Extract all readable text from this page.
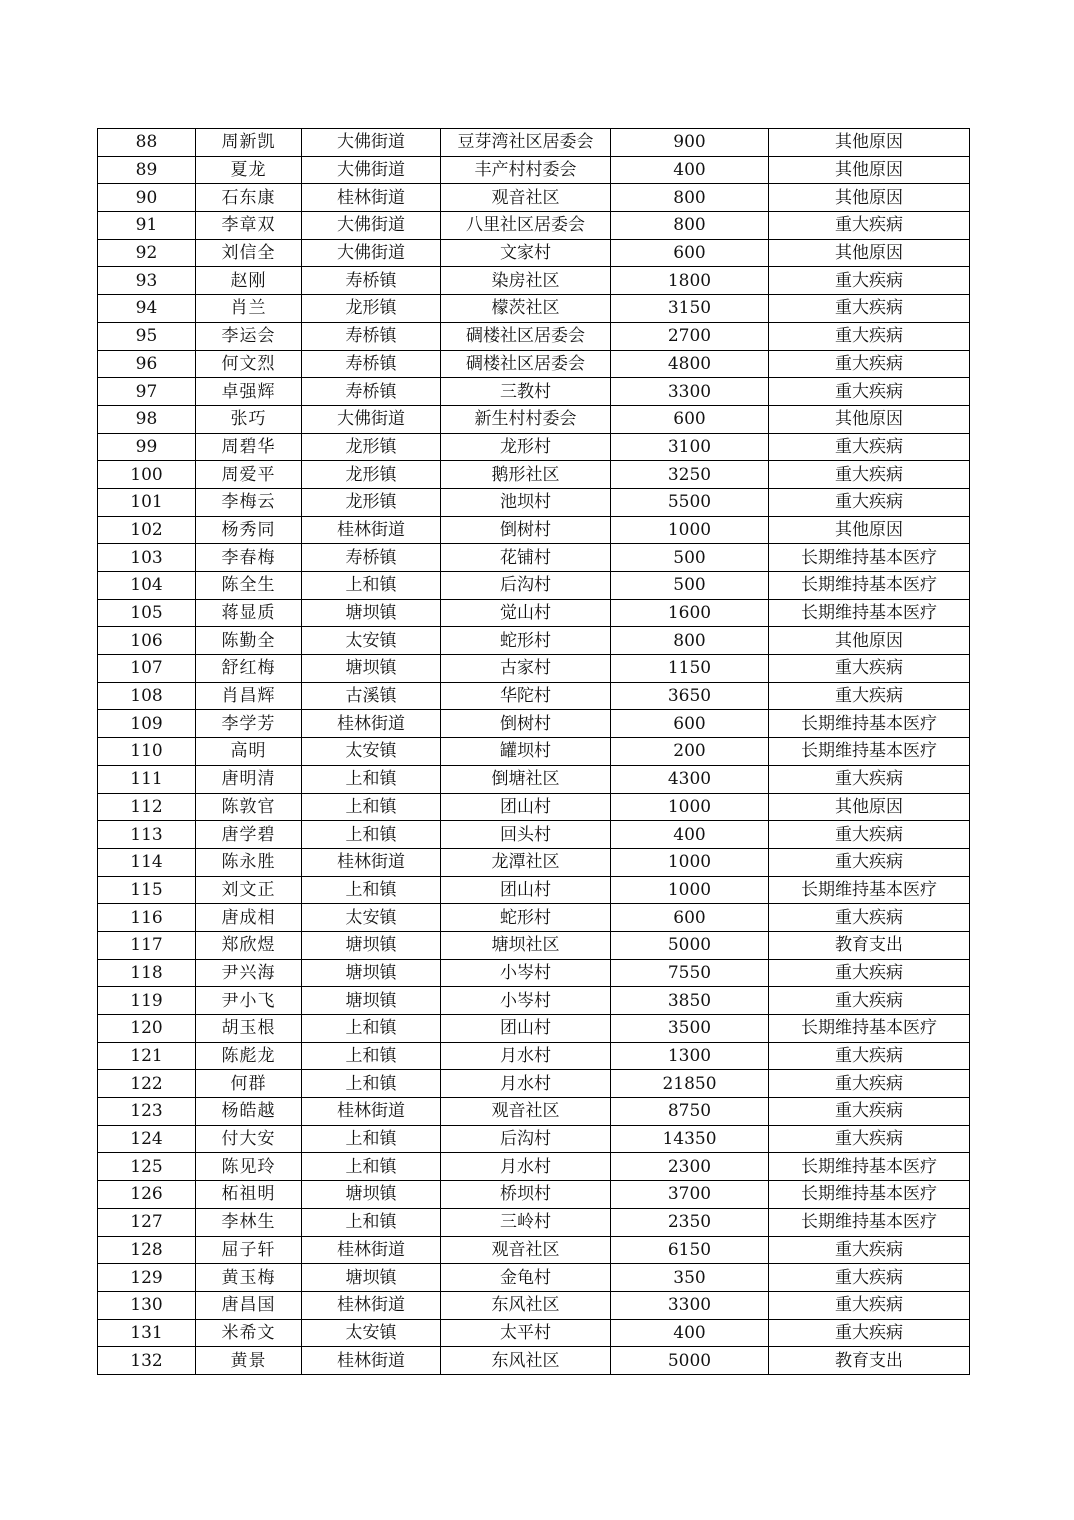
88	周新凯	大佛街道	豆芽湾社区居委会	900	其他原因
89	夏龙	大佛街道	丰产村村委会	400	其他原因
90	石东康	桂林街道	观音社区	800	其他原因
91	李章双	大佛街道	八里社区居委会	800	重大疾病
92	刘信全	大佛街道	文家村	600	其他原因
93	赵刚	寿桥镇	染房社区	1800	重大疾病
94	肖兰	龙形镇	檬茨社区	3150	重大疾病
95	李运会	寿桥镇	碉楼社区居委会	2700	重大疾病
96	何文烈	寿桥镇	碉楼社区居委会	4800	重大疾病
97	卓强辉	寿桥镇	三教村	3300	重大疾病
98	张巧	大佛街道	新生村村委会	600	其他原因
99	周碧华	龙形镇	龙形村	3100	重大疾病
100	周爱平	龙形镇	鹅形社区	3250	重大疾病
101	李梅云	龙形镇	池坝村	5500	重大疾病
102	杨秀同	桂林街道	倒树村	1000	其他原因
103	李春梅	寿桥镇	花铺村	500	长期维持基本医疗
104	陈全生	上和镇	后沟村	500	长期维持基本医疗
105	蒋显质	塘坝镇	觉山村	1600	长期维持基本医疗
106	陈勤全	太安镇	蛇形村	800	其他原因
107	舒红梅	塘坝镇	古家村	1150	重大疾病
108	肖昌辉	古溪镇	华陀村	3650	重大疾病
109	李学芳	桂林街道	倒树村	600	长期维持基本医疗
110	高明	太安镇	罐坝村	200	长期维持基本医疗
111	唐明清	上和镇	倒塘社区	4300	重大疾病
112	陈敦官	上和镇	团山村	1000	其他原因
113	唐学碧	上和镇	回头村	400	重大疾病
114	陈永胜	桂林街道	龙潭社区	1000	重大疾病
115	刘文正	上和镇	团山村	1000	长期维持基本医疗
116	唐成相	太安镇	蛇形村	600	重大疾病
117	郑欣煜	塘坝镇	塘坝社区	5000	教育支出
118	尹兴海	塘坝镇	小岑村	7550	重大疾病
119	尹小飞	塘坝镇	小岑村	3850	重大疾病
120	胡玉根	上和镇	团山村	3500	长期维持基本医疗
121	陈彪龙	上和镇	月水村	1300	重大疾病
122	何群	上和镇	月水村	21850	重大疾病
123	杨皓越	桂林街道	观音社区	8750	重大疾病
124	付大安	上和镇	后沟村	14350	重大疾病
125	陈见玲	上和镇	月水村	2300	长期维持基本医疗
126	柘祖明	塘坝镇	桥坝村	3700	长期维持基本医疗
127	李林生	上和镇	三岭村	2350	长期维持基本医疗
128	屈子轩	桂林街道	观音社区	6150	重大疾病
129	黄玉梅	塘坝镇	金龟村	350	重大疾病
130	唐昌国	桂林街道	东风社区	3300	重大疾病
131	米希文	太安镇	太平村	400	重大疾病
132	黄景	桂林街道	东风社区	5000	教育支出
